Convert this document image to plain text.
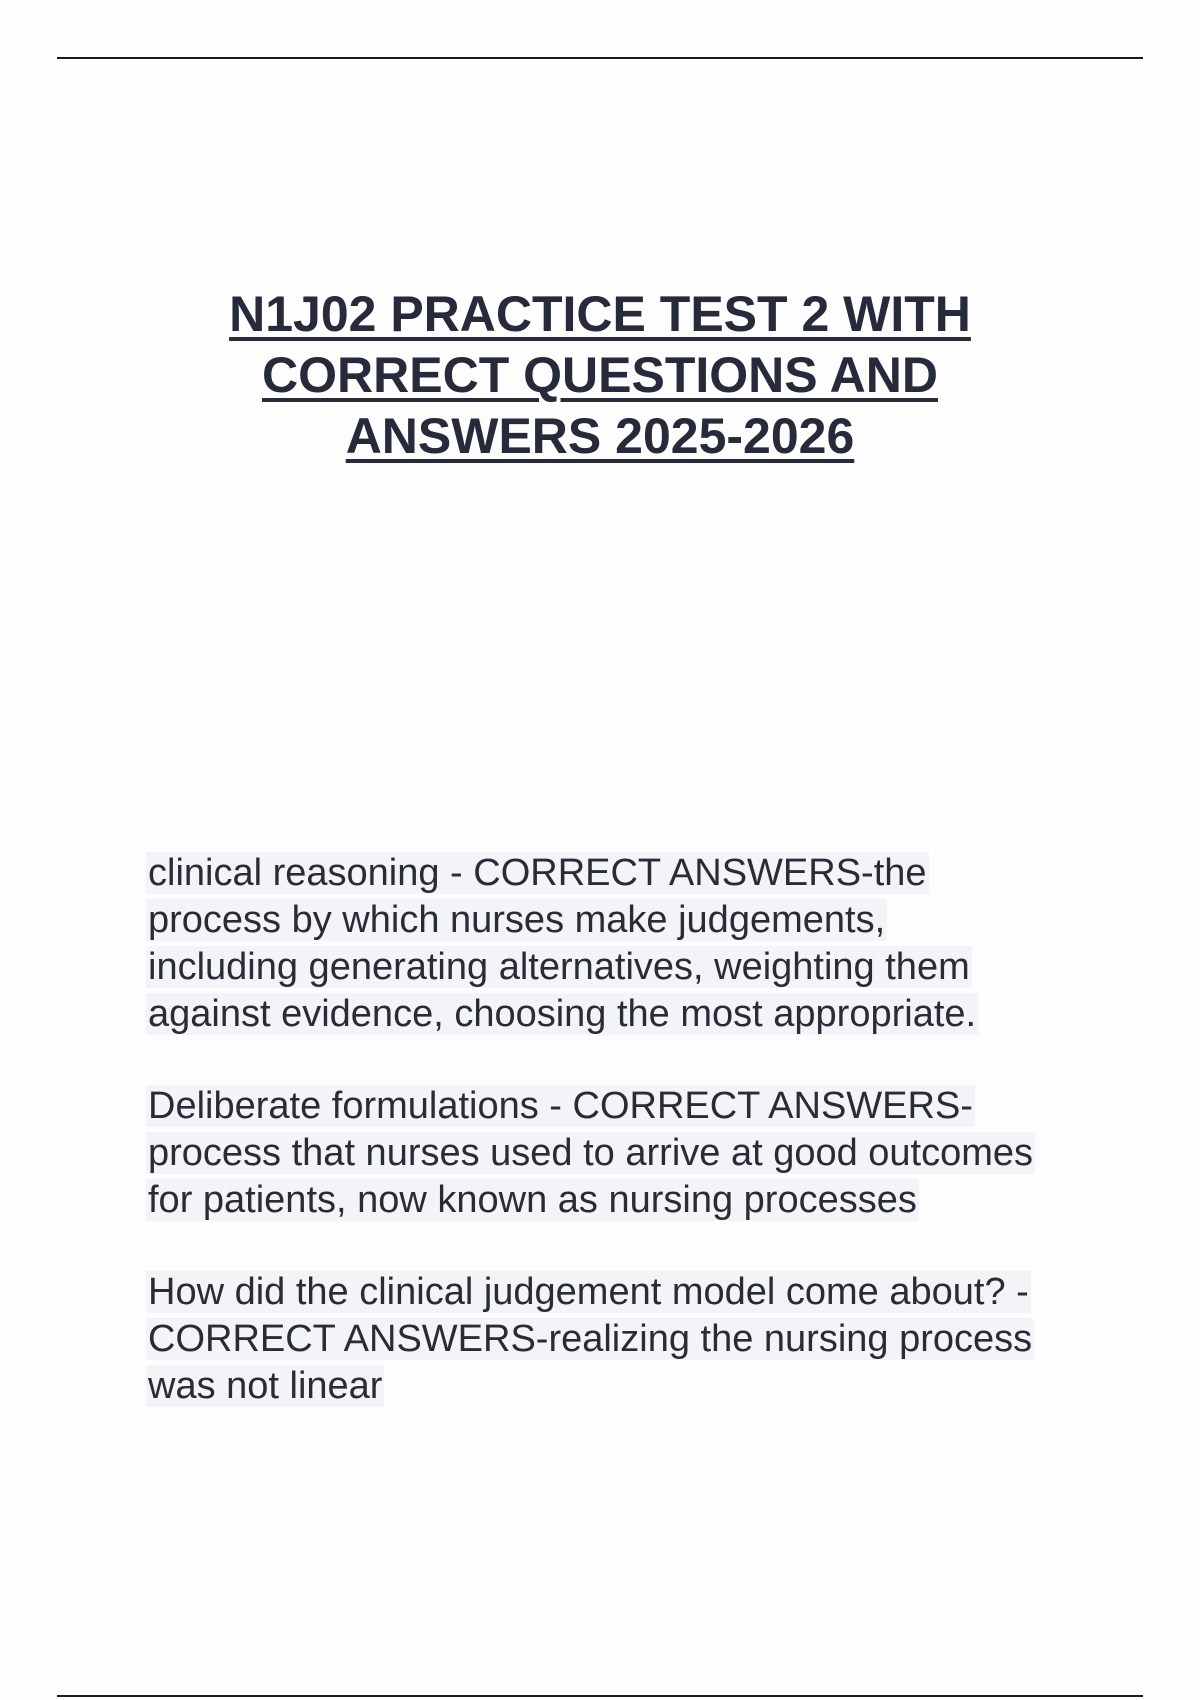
N1J02 PRACTICE TEST 2 WITH
CORRECT QUESTIONS AND
ANSWERS 2025-2026
clinical reasoning - CORRECT ANSWERS-the
process by which nurses make judgements,
including generating alternatives, weighting them
against evidence, choosing the most appropriate.
Deliberate formulations - CORRECT ANSWERS-
process that nurses used to arrive at good outcomes
for patients, now known as nursing processes
How did the clinical judgement model come about? -
CORRECT ANSWERS-realizing the nursing process
was not linear
